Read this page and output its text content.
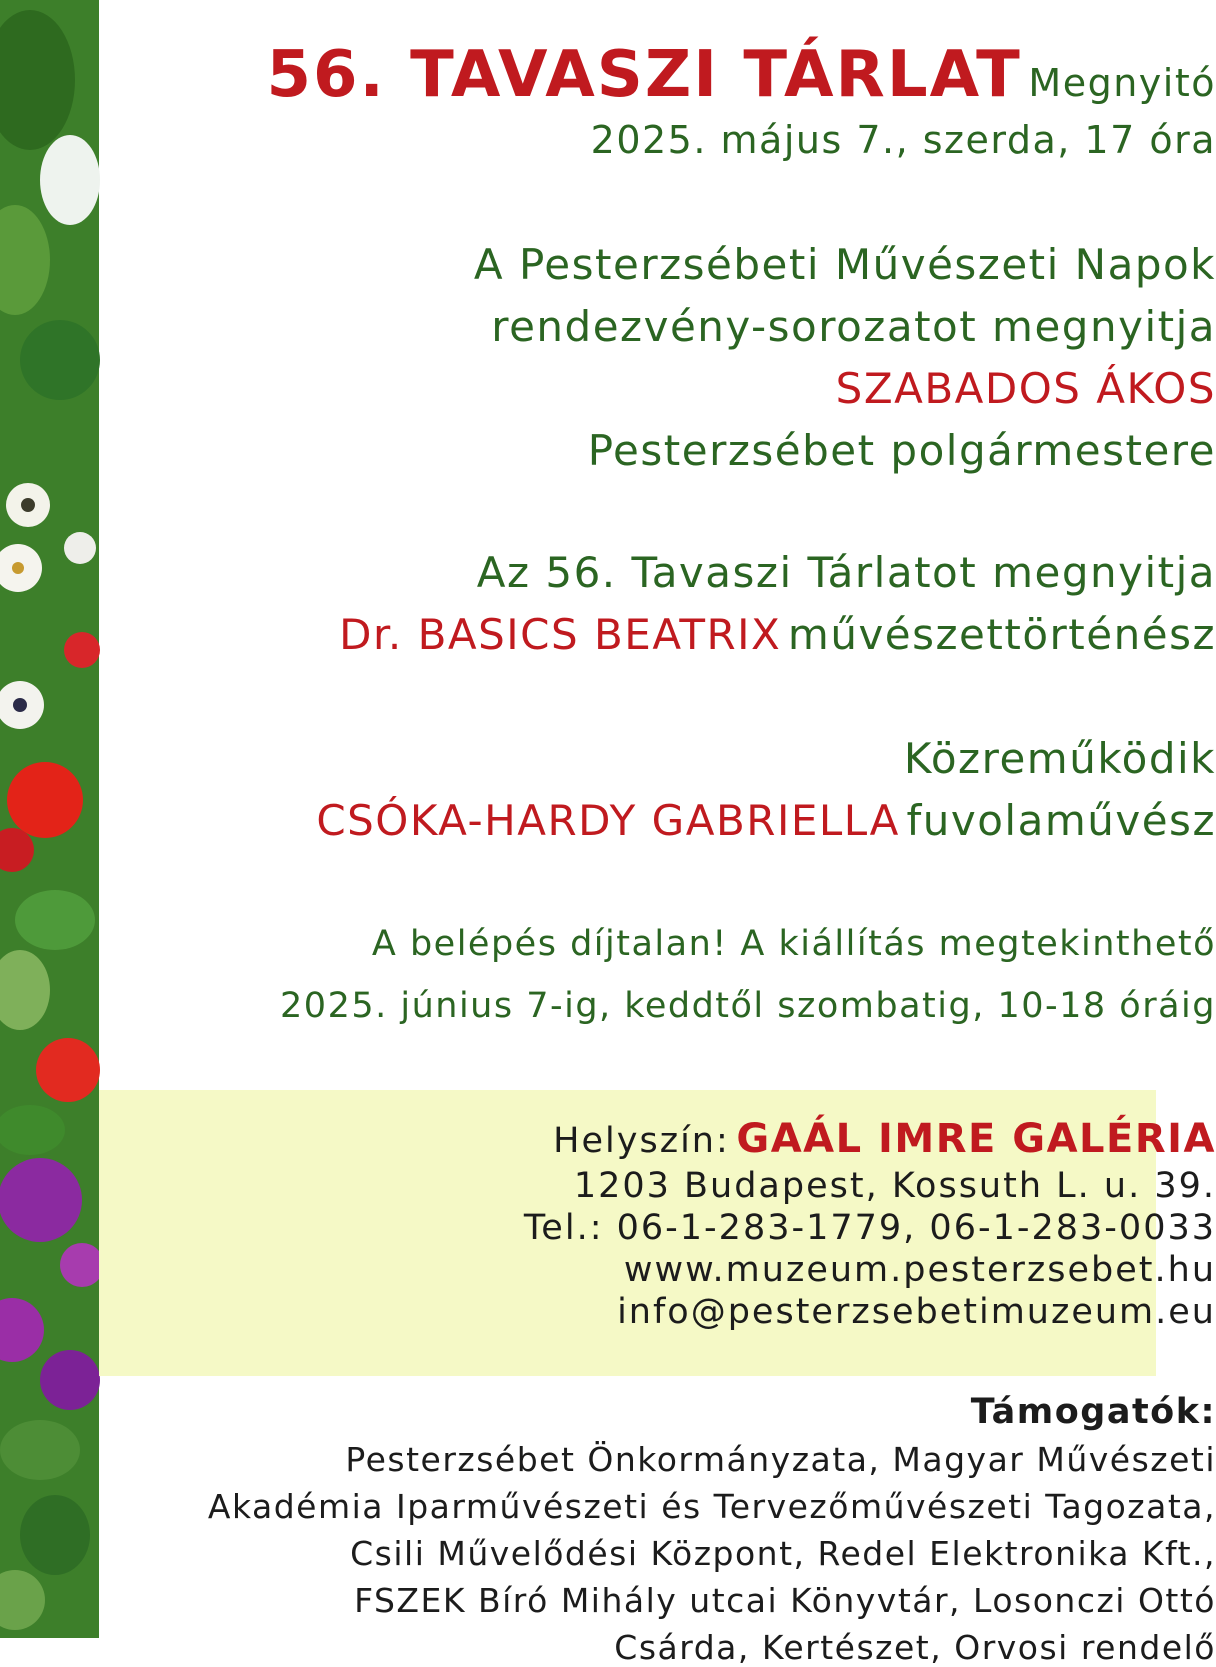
56. TAVASZI TÁRLAT Megnyitó
2025. május 7., szerda, 17 óra
A Pesterzsébeti Művészeti Napok
rendezvény-sorozatot megnyitja
SZABADOS ÁKOS
Pesterzsébet polgármestere
Az 56. Tavaszi Tárlatot megnyitja
Dr. BASICS BEATRIX művészettörténész
Közreműködik
CSÓKA-HARDY GABRIELLA fuvolaművész
A belépés díjtalan! A kiállítás megtekinthető
2025. június 7-ig, keddtől szombatig, 10-18 óráig
Helyszín: GAÁL IMRE GALÉRIA
1203 Budapest, Kossuth L. u. 39.
Tel.: 06-1-283-1779, 06-1-283-0033
www.muzeum.pesterzsebet.hu
info@pesterzsebetimuzeum.eu
Támogatók:
Pesterzsébet Önkormányzata, Magyar Művészeti
Akadémia Iparművészeti és Tervezőművészeti Tagozata,
Csili Művelődési Központ, Redel Elektronika Kft.,
FSZEK Bíró Mihály utcai Könyvtár, Losonczi Ottó
Csárda, Kertészet, Orvosi rendelő
